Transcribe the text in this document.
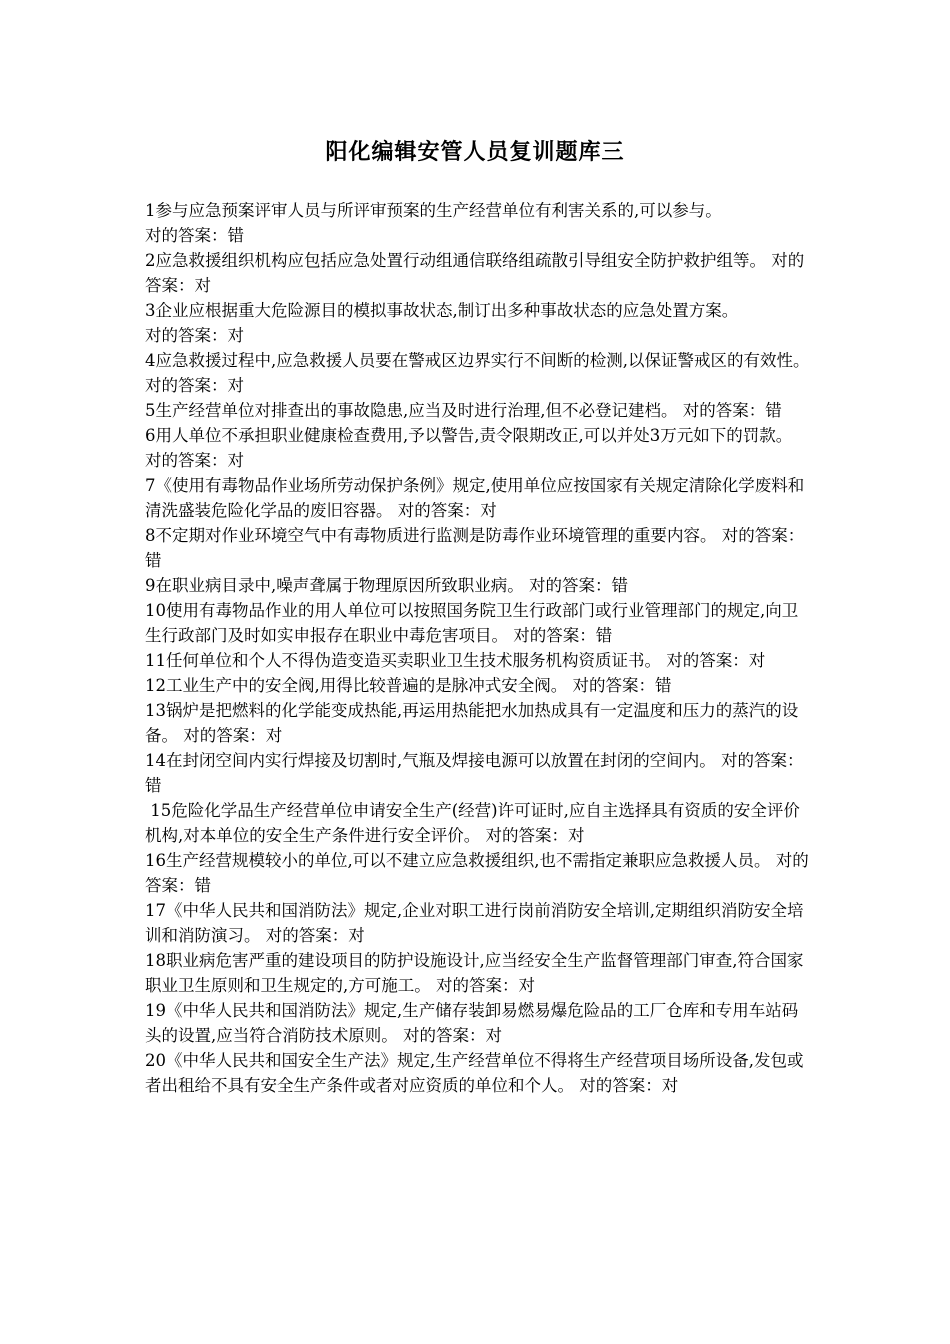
阳化编辑安管人员复训题库三

1参与应急预案评审人员与所评审预案的生产经营单位有利害关系的,可以参与。

对的答案：错

2应急救援组织机构应包括应急处置行动组通信联络组疏散引导组安全防护救护组等。 对的答案：对

3企业应根据重大危险源目的模拟事故状态,制订出多种事故状态的应急处置方案。
对的答案：对

4应急救援过程中,应急救援人员要在警戒区边界实行不间断的检测,以保证警戒区的有效性。 对的答案：对

5生产经营单位对排查出的事故隐患,应当及时进行治理,但不必登记建档。 对的答案：错

6用人单位不承担职业健康检查费用,予以警告,责令限期改正,可以并处3万元如下的罚款。 对的答案：对

7《使用有毒物品作业场所劳动保护条例》规定,使用单位应按国家有关规定清除化学废料和清洗盛装危险化学品的废旧容器。 对的答案：对

8不定期对作业环境空气中有毒物质进行监测是防毒作业环境管理的重要内容。 对的答案：错

9在职业病目录中,噪声聋属于物理原因所致职业病。 对的答案：错

10使用有毒物品作业的用人单位可以按照国务院卫生行政部门或行业管理部门的规定,向卫生行政部门及时如实申报存在职业中毒危害项目。 对的答案：错

11任何单位和个人不得伪造变造买卖职业卫生技术服务机构资质证书。 对的答案：对

12工业生产中的安全阀,用得比较普遍的是脉冲式安全阀。 对的答案：错

13锅炉是把燃料的化学能变成热能,再运用热能把水加热成具有一定温度和压力的蒸汽的设备。 对的答案：对

14在封闭空间内实行焊接及切割时,气瓶及焊接电源可以放置在封闭的空间内。 对的答案：错

15危险化学品生产经营单位申请安全生产(经营)许可证时,应自主选择具有资质的安全评价机构,对本单位的安全生产条件进行安全评价。 对的答案：对

16生产经营规模较小的单位,可以不建立应急救援组织,也不需指定兼职应急救援人员。 对的答案：错

17《中华人民共和国消防法》规定,企业对职工进行岗前消防安全培训,定期组织消防安全培训和消防演习。 对的答案：对

18职业病危害严重的建设项目的防护设施设计,应当经安全生产监督管理部门审查,符合国家职业卫生原则和卫生规定的,方可施工。 对的答案：对

19《中华人民共和国消防法》规定,生产储存装卸易燃易爆危险品的工厂仓库和专用车站码头的设置,应当符合消防技术原则。 对的答案：对

20《中华人民共和国安全生产法》规定,生产经营单位不得将生产经营项目场所设备,发包或者出租给不具有安全生产条件或者对应资质的单位和个人。 对的答案：对
